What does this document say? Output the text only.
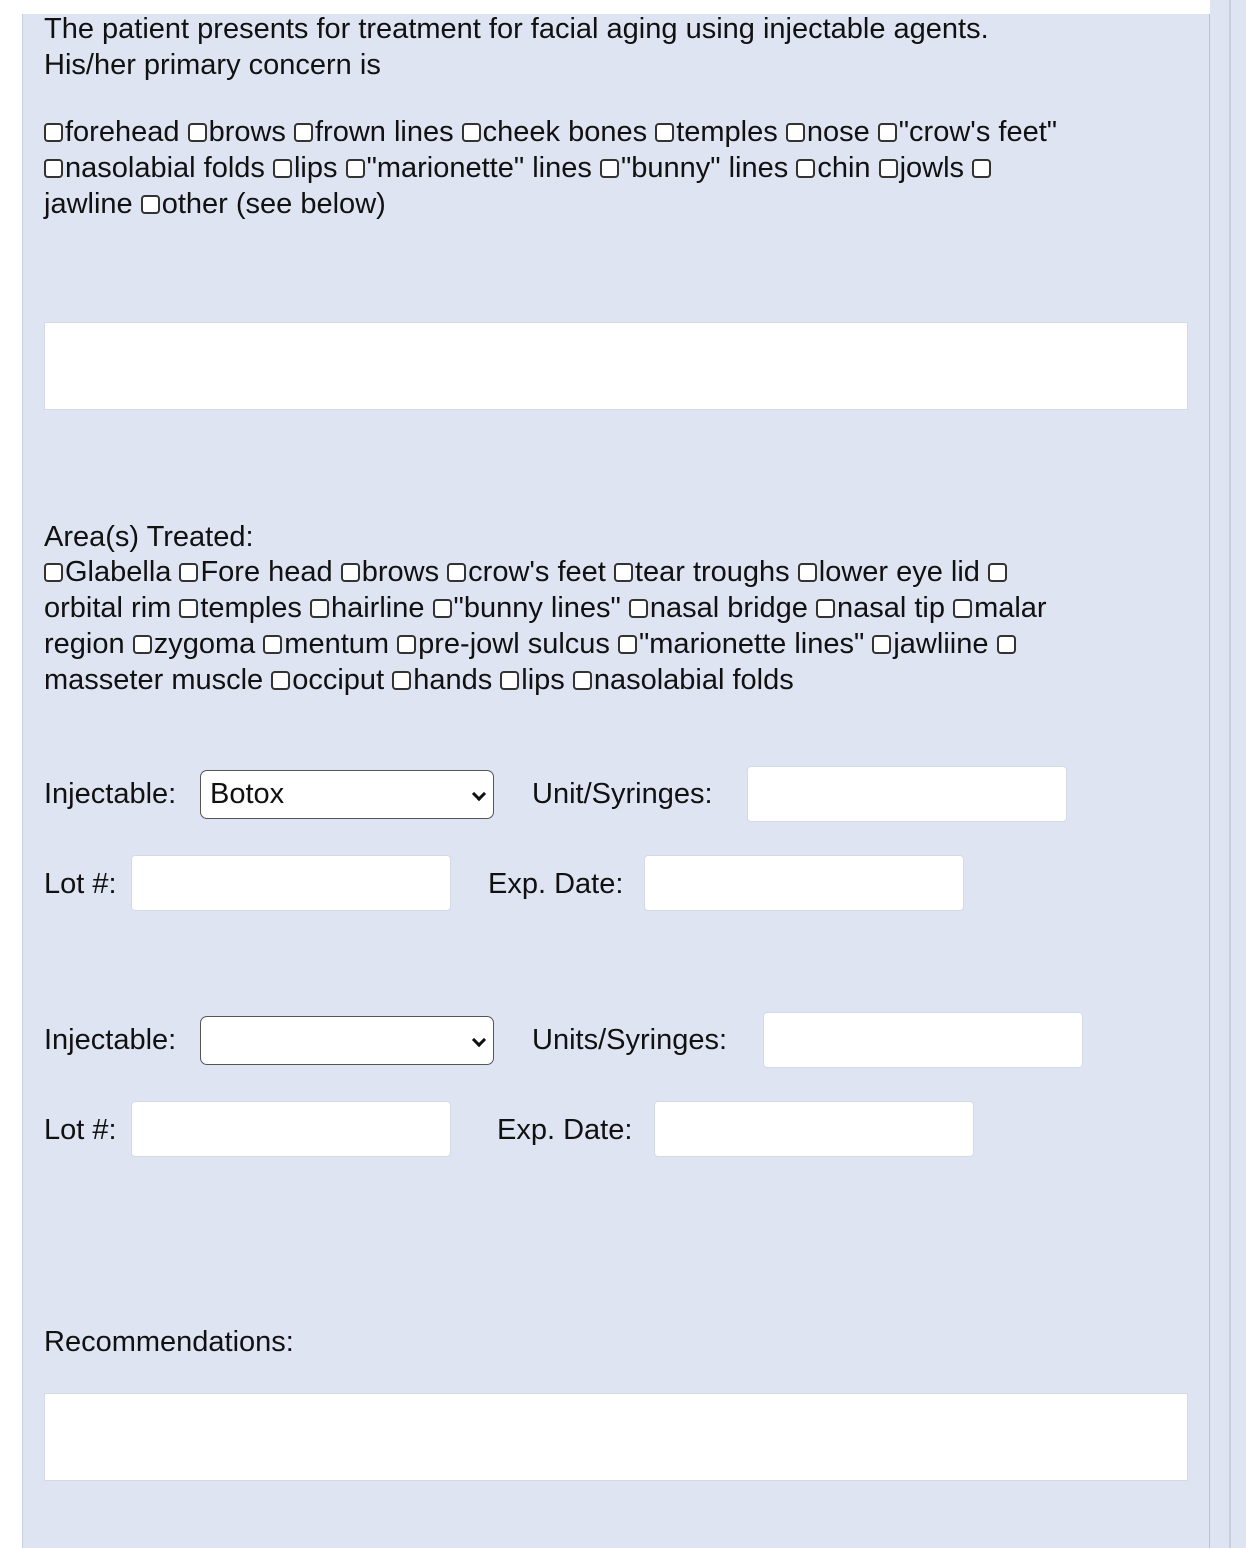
The patient presents for treatment for facial aging using injectable agents.
His/her primary concern is
forehead brows frown lines cheek bones temples nose "crow's feet"
nasolabial folds lips "marionette" lines "bunny" lines chin jowls
jawline other (see below)
Area(s) Treated:
Glabella Fore head brows crow's feet tear troughs lower eye lid
orbital rim temples hairline "bunny lines" nasal bridge nasal tip malar
region zygoma mentum pre-jowl sulcus "marionette lines" jawliine
masseter muscle occiput hands lips nasolabial folds
Injectable:	Botox	Unit/Syringes:
Lot #:	Exp. Date:
Injectable:	Units/Syringes:
Lot #:	Exp. Date:
Recommendations:
